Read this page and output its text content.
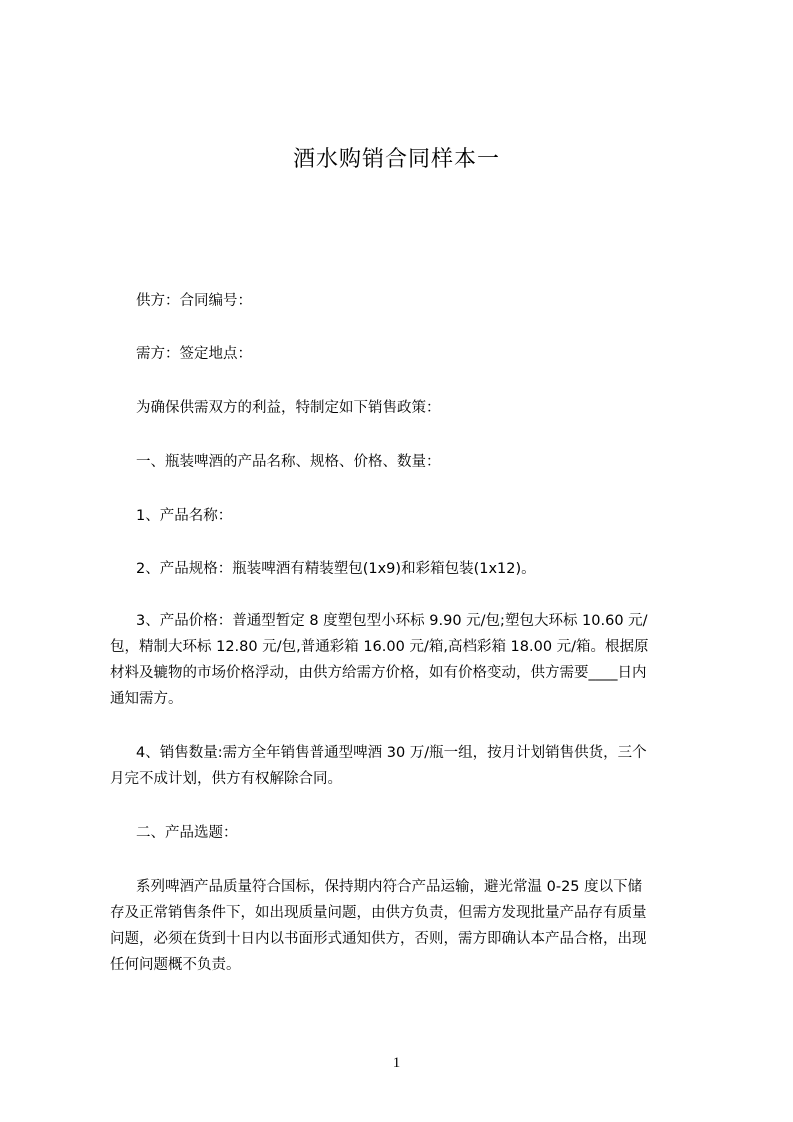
酒水购销合同样本一

供方：合同编号：

需方：签定地点：

为确保供需双方的利益，特制定如下销售政策：

一、瓶装啤酒的产品名称、规格、价格、数量：

1、产品名称：

2、产品规格：瓶装啤酒有精装塑包(1x9)和彩箱包装(1x12)。

3、产品价格：普通型暂定 8 度塑包型小环标 9.90 元/包;塑包大环标 10.60 元/
包，精制大环标 12.80 元/包,普通彩箱 16.00 元/箱,高档彩箱 18.00 元/箱。根据原
材料及辘物的市场价格浮动，由供方给需方价格，如有价格变动，供方需要____日内
通知需方。
4、销售数量:需方全年销售普通型啤酒 30 万/瓶一组，按月计划销售供货，三个
月完不成计划，供方有权解除合同。

二、产品选题：

系列啤酒产品质量符合国标，保持期内符合产品运输，避光常温 0-25 度以下储
存及正常销售条件下，如出现质量问题，由供方负责，但需方发现批量产品存有质量
问题，必须在货到十日内以书面形式通知供方，否则，需方即确认本产品合格，出现
任何问题概不负责。
1
